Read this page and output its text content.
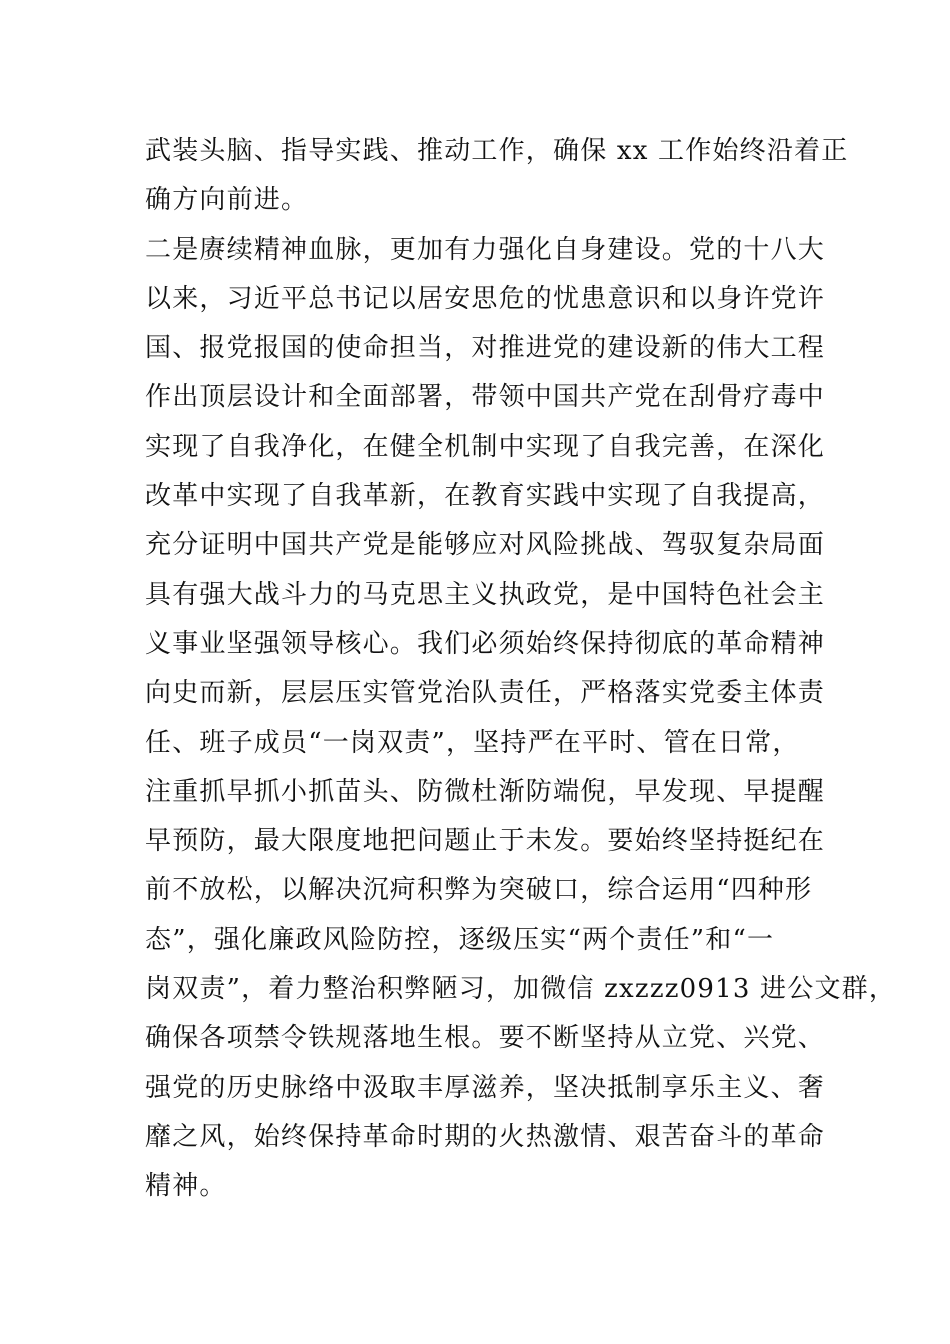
武装头脑、指导实践、推动工作，确保 xx 工作始终沿着正
确方向前进。
二是赓续精神血脉，更加有力强化自身建设。党的十八大
以来，习近平总书记以居安思危的忧患意识和以身许党许
国、报党报国的使命担当，对推进党的建设新的伟大工程
作出顶层设计和全面部署，带领中国共产党在刮骨疗毒中
实现了自我净化，在健全机制中实现了自我完善，在深化
改革中实现了自我革新，在教育实践中实现了自我提高，
充分证明中国共产党是能够应对风险挑战、驾驭复杂局面
具有强大战斗力的马克思主义执政党，是中国特色社会主
义事业坚强领导核心。我们必须始终保持彻底的革命精神
向史而新，层层压实管党治队责任，严格落实党委主体责
任、班子成员“一岗双责”，坚持严在平时、管在日常，
注重抓早抓小抓苗头、防微杜渐防端倪，早发现、早提醒
早预防，最大限度地把问题止于未发。要始终坚持挺纪在
前不放松，以解决沉疴积弊为突破口，综合运用“四种形
态”，强化廉政风险防控，逐级压实“两个责任”和“一
岗双责”，着力整治积弊陋习，加微信 zxzzz0913 进公文群，
确保各项禁令铁规落地生根。要不断坚持从立党、兴党、
强党的历史脉络中汲取丰厚滋养，坚决抵制享乐主义、奢
靡之风，始终保持革命时期的火热激情、艰苦奋斗的革命
精神。
